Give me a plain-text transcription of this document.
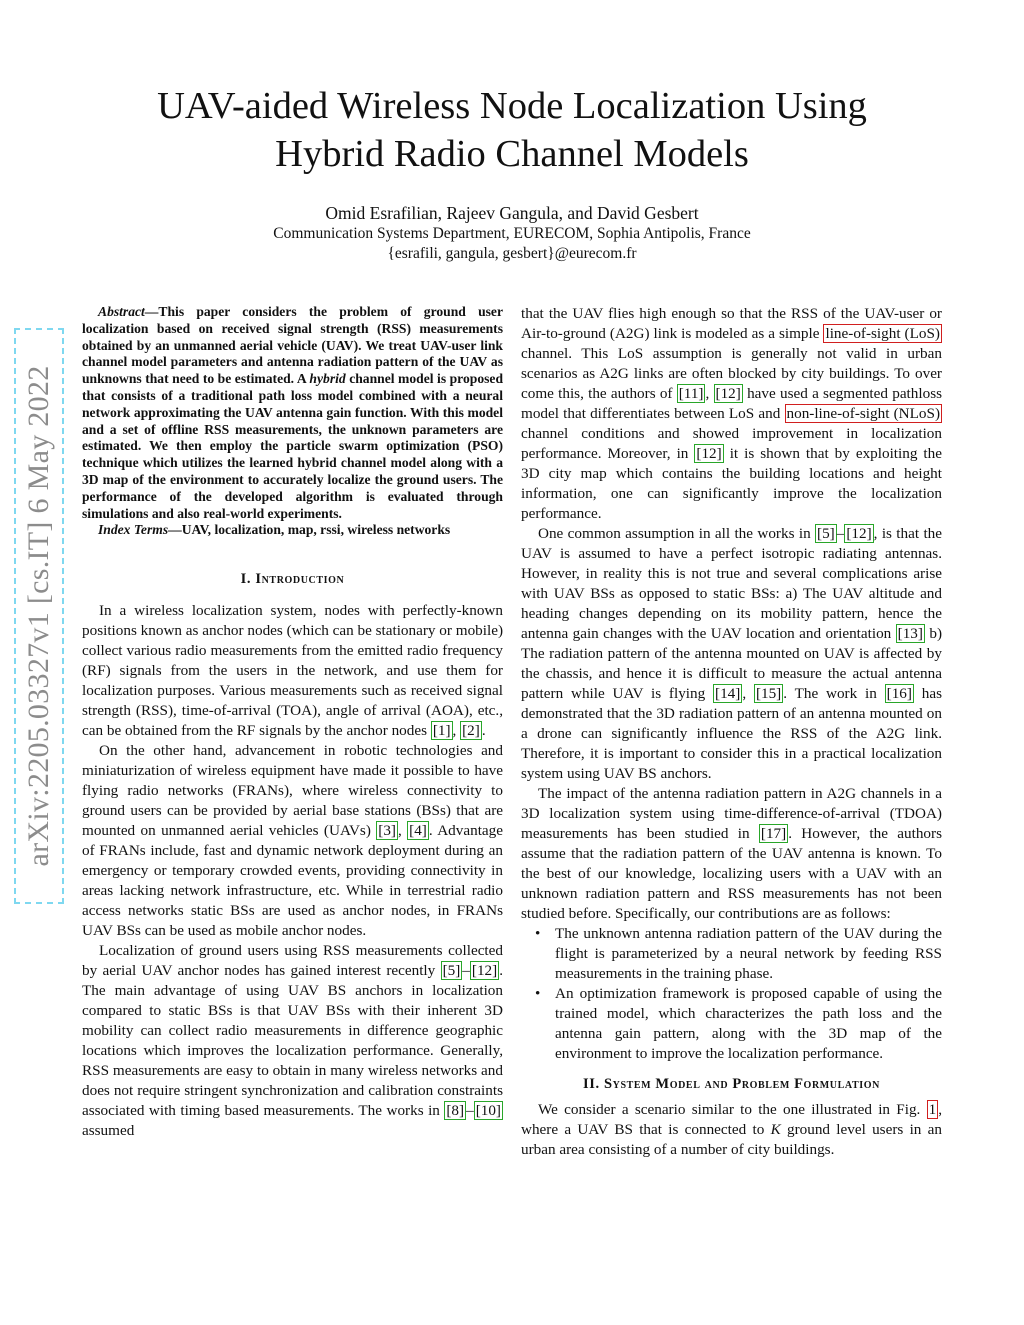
arXiv:2205.03327v1 [cs.IT] 6 May 2022
UAV-aided Wireless Node Localization Using
Hybrid Radio Channel Models
Omid Esrafilian, Rajeev Gangula, and David Gesbert
Communication Systems Department, EURECOM, Sophia Antipolis, France
{esrafili, gangula, gesbert}@eurecom.fr

Abstract—This paper considers the problem of ground user localization based on received signal strength (RSS) measurements obtained by an unmanned aerial vehicle (UAV). We treat UAV-user link channel model parameters and antenna radiation pattern of the UAV as unknowns that need to be estimated. A hybrid channel model is proposed that consists of a traditional path loss model combined with a neural network approximating the UAV antenna gain function. With this model and a set of offline RSS measurements, the unknown parameters are estimated. We then employ the particle swarm optimization (PSO) technique which utilizes the learned hybrid channel model along with a 3D map of the environment to accurately localize the ground users. The performance of the developed algorithm is evaluated through simulations and also real-world experiments.

Index Terms—UAV, localization, map, rssi, wireless networks

I. Introduction

In a wireless localization system, nodes with perfectly-known positions known as anchor nodes (which can be stationary or mobile) collect various radio measurements from the emitted radio frequency (RF) signals from the users in the network, and use them for localization purposes. Various measurements such as received signal strength (RSS), time-of-arrival (TOA), angle of arrival (AOA), etc., can be obtained from the RF signals by the anchor nodes [1] , [2] .

On the other hand, advancement in robotic technologies and miniaturization of wireless equipment have made it possible to have flying radio networks (FRANs), where wireless connectivity to ground users can be provided by aerial base stations (BSs) that are mounted on unmanned aerial vehicles (UAVs) [3] , [4] . Advantage of FRANs include, fast and dynamic network deployment during an emergency or temporary crowded events, providing connectivity in areas lacking network infrastructure, etc. While in terrestrial radio access networks static BSs are used as anchor nodes, in FRANs UAV BSs can be used as mobile anchor nodes.

Localization of ground users using RSS measurements collected by aerial UAV anchor nodes has gained interest recently [5] – [12] . The main advantage of using UAV BS anchors in localization compared to static BSs is that UAV BSs with their inherent 3D mobility can collect radio measurements in difference geographic locations which improves the localization performance. Generally, RSS measurements are easy to obtain in many wireless networks and does not require stringent synchronization and calibration constraints associated with timing based measurements. The works in [8] – [10] assumed

that the UAV flies high enough so that the RSS of the UAV-user or Air-to-ground (A2G) link is modeled as a simple line-of-sight (LoS) channel. This LoS assumption is generally not valid in urban scenarios as A2G links are often blocked by city buildings. To over come this, the authors of [11] , [12] have used a segmented pathloss model that differentiates between LoS and non-line-of-sight (NLoS) channel conditions and showed improvement in localization performance. Moreover, in [12] it is shown that by exploiting the 3D city map which contains the building locations and height information, one can significantly improve the localization performance.

One common assumption in all the works in [5] – [12] , is that the UAV is assumed to have a perfect isotropic radiating antennas. However, in reality this is not true and several complications arise with UAV BSs as opposed to static BSs: a) The UAV altitude and heading changes depending on its mobility pattern, hence the antenna gain changes with the UAV location and orientation [13] b) The radiation pattern of the antenna mounted on UAV is affected by the chassis, and hence it is difficult to measure the actual antenna pattern while UAV is flying [14] , [15] . The work in [16] has demonstrated that the 3D radiation pattern of an antenna mounted on a drone can significantly influence the RSS of the A2G link. Therefore, it is important to consider this in a practical localization system using UAV BS anchors.

The impact of the antenna radiation pattern in A2G channels in a 3D localization system using time-difference-of-arrival (TDOA) measurements has been studied in [17] . However, the authors assume that the radiation pattern of the UAV antenna is known. To the best of our knowledge, localizing users with a UAV with an unknown radiation pattern and RSS measurements has not been studied before. Specifically, our contributions are as follows:

• The unknown antenna radiation pattern of the UAV during the flight is parameterized by a neural network by feeding RSS measurements in the training phase.
• An optimization framework is proposed capable of using the trained model, which characterizes the path loss and the antenna gain pattern, along with the 3D map of the environment to improve the localization performance.
II. System Model and Problem Formulation

We consider a scenario similar to the one illustrated in Fig. 1 , where a UAV BS that is connected to K ground level users in an urban area consisting of a number of city buildings.
